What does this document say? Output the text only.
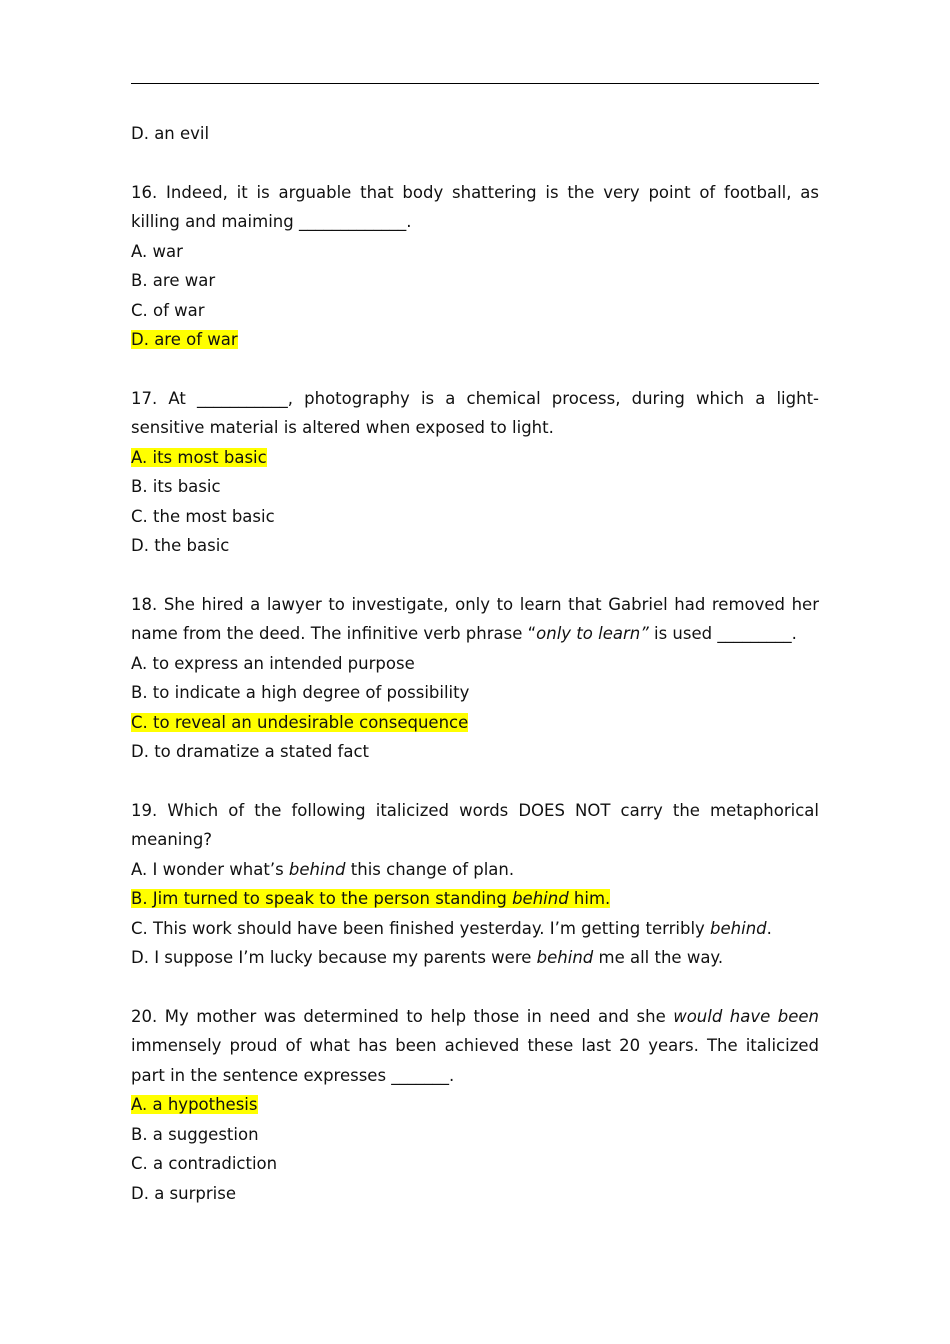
D. an evil
16. Indeed, it is arguable that body shattering is the very point of football, as killing and maiming _____________.
A. war
B. are war
C. of war
D. are of war
17. At ___________, photography is a chemical process, during which a light-sensitive material is altered when exposed to light.
A. its most basic
B. its basic
C. the most basic
D. the basic
18. She hired a lawyer to investigate, only to learn that Gabriel had removed her name from the deed. The infinitive verb phrase “only to learn” is used _________.
A. to express an intended purpose
B. to indicate a high degree of possibility
C. to reveal an undesirable consequence
D. to dramatize a stated fact
19. Which of the following italicized words DOES NOT carry the metaphorical meaning?
A. I wonder what’s behind this change of plan.
B. Jim turned to speak to the person standing behind him.
C. This work should have been finished yesterday. I’m getting terribly behind.
D. I suppose I’m lucky because my parents were behind me all the way.
20. My mother was determined to help those in need and she would have been immensely proud of what has been achieved these last 20 years. The italicized part in the sentence expresses _______.
A. a hypothesis
B. a suggestion
C. a contradiction
D. a surprise
